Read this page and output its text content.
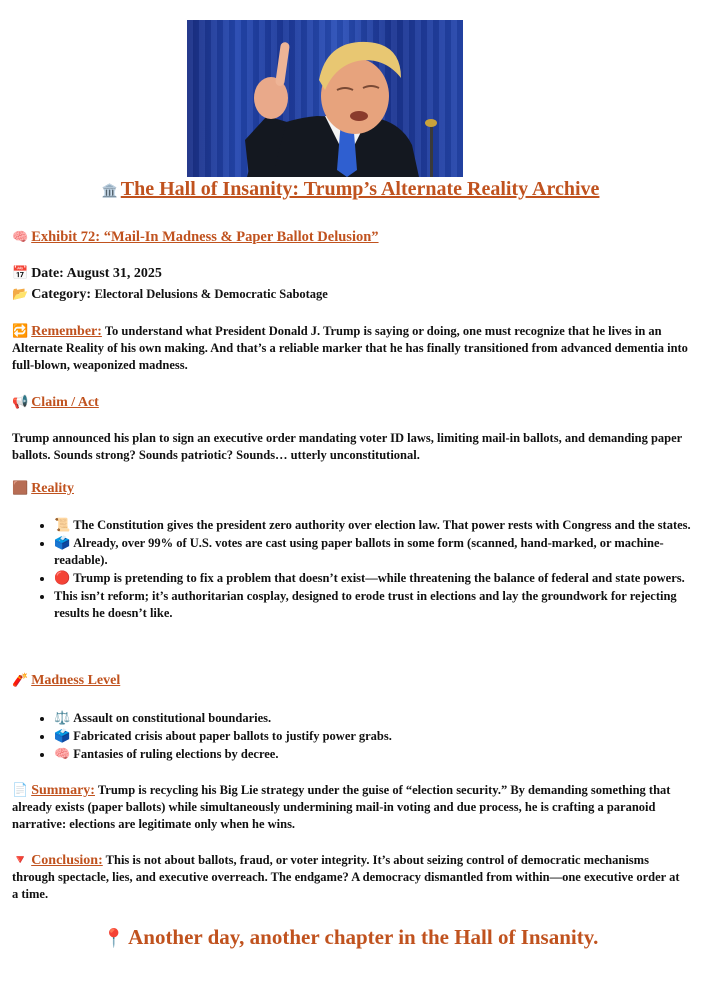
🏛️ The Hall of Insanity: Trump’s Alternate Reality Archive

🧠 Exhibit 72: “Mail-In Madness & Paper Ballot Delusion”

📅 Date: August 31, 2025

📂 Category: Electoral Delusions & Democratic Sabotage

🔁 Remember: To understand what President Donald J. Trump is saying or doing, one must recognize that he lives in an Alternate Reality of his own making. And that’s a reliable marker that he has finally transitioned from advanced dementia into full-blown, weaponized madness.

📢 Claim / Act

Trump announced his plan to sign an executive order mandating voter ID laws, limiting mail-in ballots, and demanding paper ballots. Sounds strong? Sounds patriotic? Sounds… utterly unconstitutional.

🟫 Reality

• 📜 The Constitution gives the president zero authority over election law. That power rests with Congress and the states.
• 🗳️ Already, over 99% of U.S. votes are cast using paper ballots in some form (scanned, hand-marked, or machine-readable).
• 🔴 Trump is pretending to fix a problem that doesn’t exist—while threatening the balance of federal and state powers.
• This isn’t reform; it’s authoritarian cosplay, designed to erode trust in elections and lay the groundwork for rejecting results he doesn’t like.

🧨 Madness Level

• ⚖️ Assault on constitutional boundaries.
• 🗳️ Fabricated crisis about paper ballots to justify power grabs.
• 🧠 Fantasies of ruling elections by decree.

📄 Summary: Trump is recycling his Big Lie strategy under the guise of “election security.” By demanding something that already exists (paper ballots) while simultaneously undermining mail-in voting and due process, he is crafting a paranoid narrative: elections are legitimate only when he wins.

🔻 Conclusion: This is not about ballots, fraud, or voter integrity. It’s about seizing control of democratic mechanisms through spectacle, lies, and executive overreach. The endgame? A democracy dismantled from within—one executive order at a time.

📍 Another day, another chapter in the Hall of Insanity.
